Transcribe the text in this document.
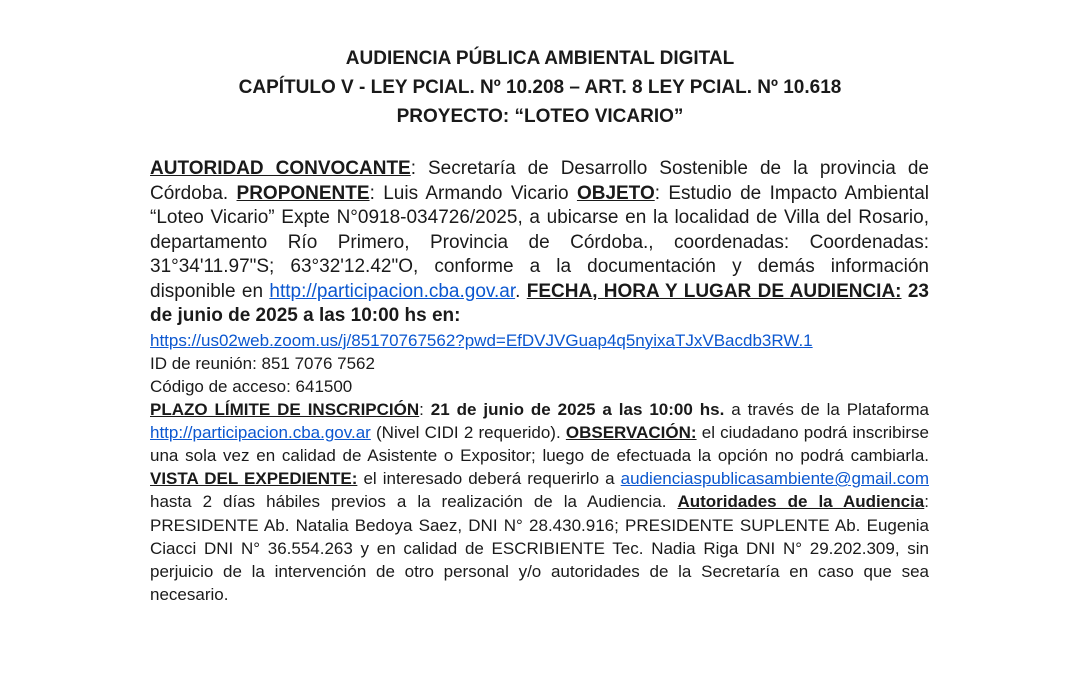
AUDIENCIA PÚBLICA AMBIENTAL DIGITAL
CAPÍTULO V - LEY PCIAL. Nº 10.208 – ART. 8 LEY PCIAL. Nº 10.618
PROYECTO: “LOTEO VICARIO”

AUTORIDAD CONVOCANTE: Secretaría de Desarrollo Sostenible de la provincia de Córdoba. PROPONENTE: Luis Armando Vicario OBJETO: Estudio de Impacto Ambiental “Loteo Vicario” Expte N°0918-034726/2025, a ubicarse en la localidad de Villa del Rosario, departamento Río Primero, Provincia de Córdoba., coordenadas: Coordenadas: 31°34'11.97"S; 63°32'12.42"O, conforme a la documentación y demás información disponible en http://participacion.cba.gov.ar. FECHA, HORA Y LUGAR DE AUDIENCIA: 23 de junio de 2025 a las 10:00 hs en:

https://us02web.zoom.us/j/85170767562?pwd=EfDVJVGuap4q5nyixaTJxVBacdb3RW.1

ID de reunión: 851 7076 7562

Código de acceso: 641500

PLAZO LÍMITE DE INSCRIPCIÓN: 21 de junio de 2025 a las 10:00 hs. a través de la Plataforma http://participacion.cba.gov.ar (Nivel CIDI 2 requerido). OBSERVACIÓN: el ciudadano podrá inscribirse una sola vez en calidad de Asistente o Expositor; luego de efectuada la opción no podrá cambiarla. VISTA DEL EXPEDIENTE: el interesado deberá requerirlo a audienciaspublicasambiente@gmail.com hasta 2 días hábiles previos a la realización de la Audiencia. Autoridades de la Audiencia: PRESIDENTE Ab. Natalia Bedoya Saez, DNI N° 28.430.916; PRESIDENTE SUPLENTE Ab. Eugenia Ciacci DNI N° 36.554.263 y en calidad de ESCRIBIENTE Tec. Nadia Riga DNI N° 29.202.309, sin perjuicio de la intervención de otro personal y/o autoridades de la Secretaría en caso que sea necesario.
